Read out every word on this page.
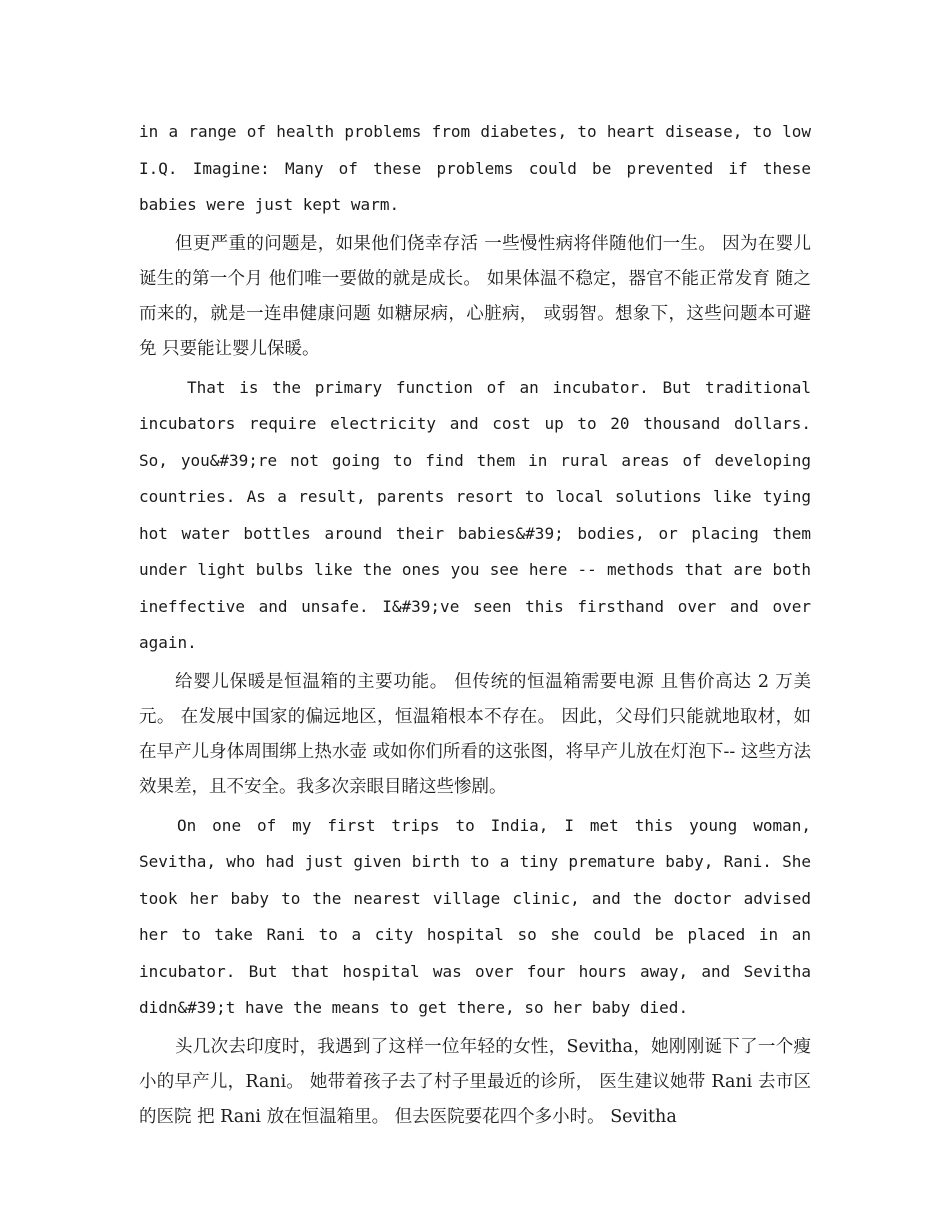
in a range of health problems from diabetes, to heart disease, to low I.Q. Imagine: Many of these problems could be prevented if these babies were just kept warm.

但更严重的问题是，如果他们侥幸存活 一些慢性病将伴随他们一生。 因为在婴儿诞生的第一个月 他们唯一要做的就是成长。 如果体温不稳定，器官不能正常发育 随之而来的，就是一连串健康问题 如糖尿病，心脏病， 或弱智。想象下，这些问题本可避免 只要能让婴儿保暖。

That is the primary function of an incubator. But traditional incubators require electricity and cost up to 20 thousand dollars. So, you&#39;re not going to find them in rural areas of developing countries. As a result, parents resort to local solutions like tying hot water bottles around their babies&#39; bodies, or placing them under light bulbs like the ones you see here -- methods that are both ineffective and unsafe. I&#39;ve seen this firsthand over and over again.

给婴儿保暖是恒温箱的主要功能。 但传统的恒温箱需要电源 且售价高达 2 万美元。 在发展中国家的偏远地区，恒温箱根本不存在。 因此，父母们只能就地取材，如在早产儿身体周围绑上热水壶 或如你们所看的这张图，将早产儿放在灯泡下-- 这些方法效果差，且不安全。我多次亲眼目睹这些惨剧。

On one of my first trips to India, I met this young woman, Sevitha, who had just given birth to a tiny premature baby, Rani. She took her baby to the nearest village clinic, and the doctor advised her to take Rani to a city hospital so she could be placed in an incubator. But that hospital was over four hours away, and Sevitha didn&#39;t have the means to get there, so her baby died.

头几次去印度时，我遇到了这样一位年轻的女性，Sevitha，她刚刚诞下了一个瘦小的早产儿，Rani。 她带着孩子去了村子里最近的诊所， 医生建议她带 Rani 去市区的医院 把 Rani 放在恒温箱里。 但去医院要花四个多小时。 Sevitha
